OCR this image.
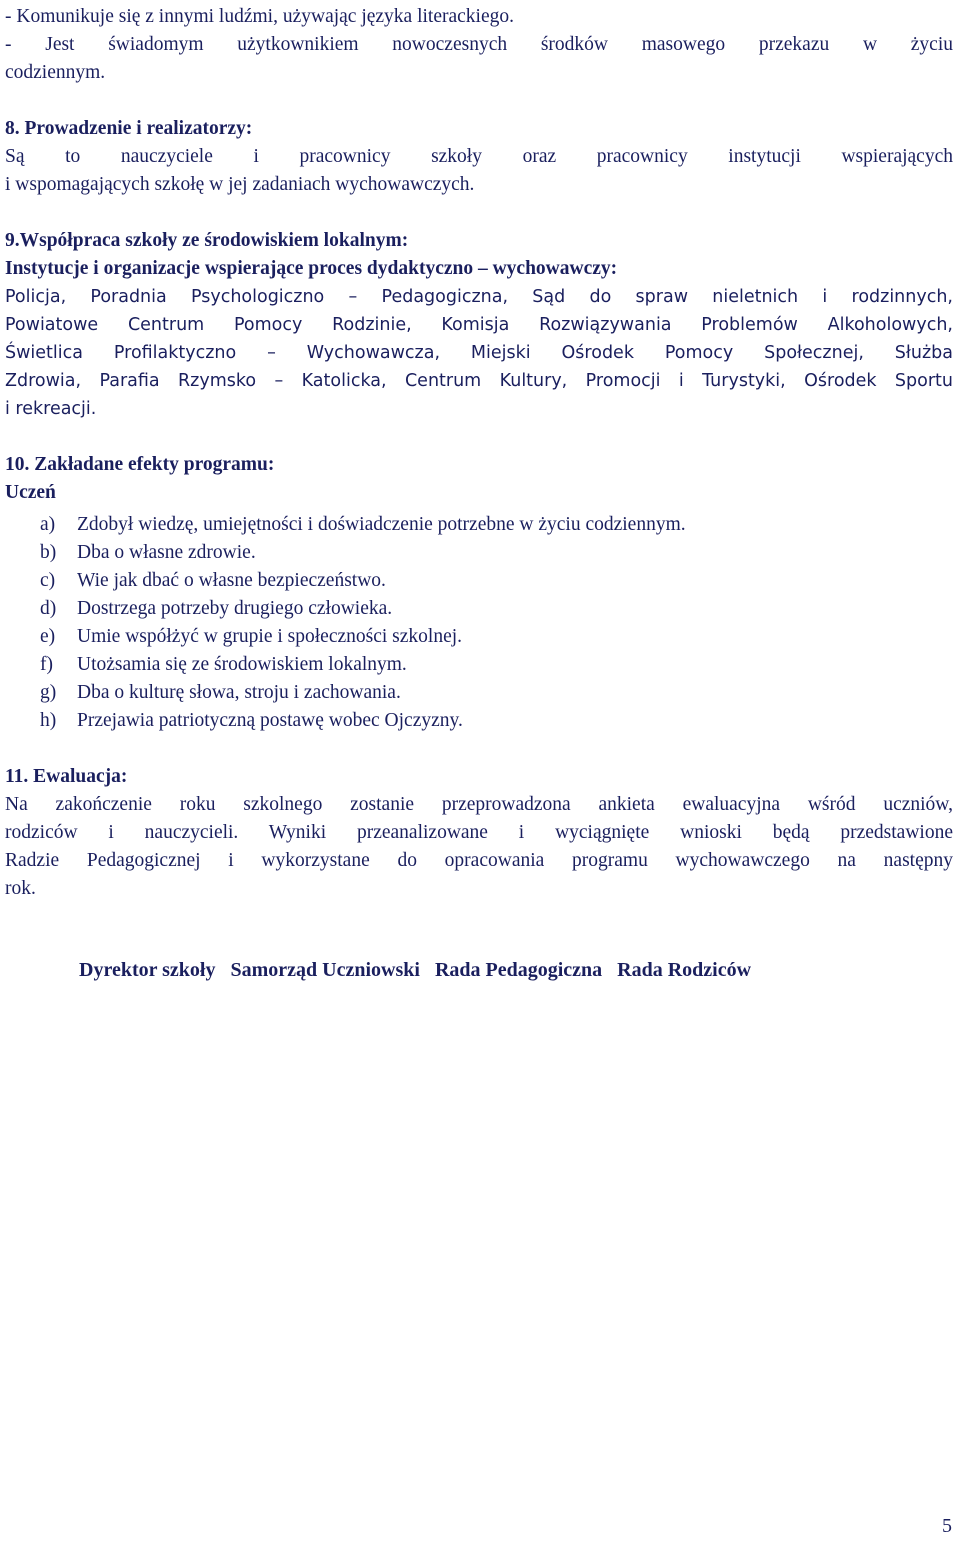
- Komunikuje się z innymi ludźmi, używając języka literackiego.
- Jest świadomym użytkownikiem nowoczesnych środków masowego przekazu w życiu
codziennym.
8. Prowadzenie i realizatorzy:
Są to nauczyciele i pracownicy szkoły oraz pracownicy instytucji wspierających
i wspomagających szkołę w jej zadaniach wychowawczych.
9.Współpraca szkoły ze środowiskiem lokalnym:
Instytucje i organizacje wspierające proces dydaktyczno – wychowawczy:
Policja, Poradnia Psychologiczno – Pedagogiczna, Sąd do spraw nieletnich i rodzinnych,
Powiatowe Centrum Pomocy Rodzinie, Komisja Rozwiązywania Problemów Alkoholowych,
Świetlica Profilaktyczno – Wychowawcza, Miejski Ośrodek Pomocy Społecznej, Służba
Zdrowia, Parafia Rzymsko – Katolicka, Centrum Kultury, Promocji i Turystyki, Ośrodek Sportu
i rekreacji.
10. Zakładane efekty programu:
Uczeń
a) Zdobył wiedzę, umiejętności i doświadczenie potrzebne w życiu codziennym.
b) Dba o własne zdrowie.
c) Wie jak dbać o własne bezpieczeństwo.
d) Dostrzega potrzeby drugiego człowieka.
e) Umie współżyć w grupie i społeczności szkolnej.
f) Utożsamia się ze środowiskiem lokalnym.
g) Dba o kulturę słowa, stroju i zachowania.
h) Przejawia patriotyczną postawę wobec Ojczyzny.
11. Ewaluacja:
Na zakończenie roku szkolnego zostanie przeprowadzona ankieta ewaluacyjna wśród uczniów,
rodziców i nauczycieli. Wyniki przeanalizowane i wyciągnięte wnioski będą przedstawione
Radzie Pedagogicznej i wykorzystane do opracowania programu wychowawczego na następny
rok.
Dyrektor szkoły Samorząd Uczniowski Rada Pedagogiczna Rada Rodziców
5
